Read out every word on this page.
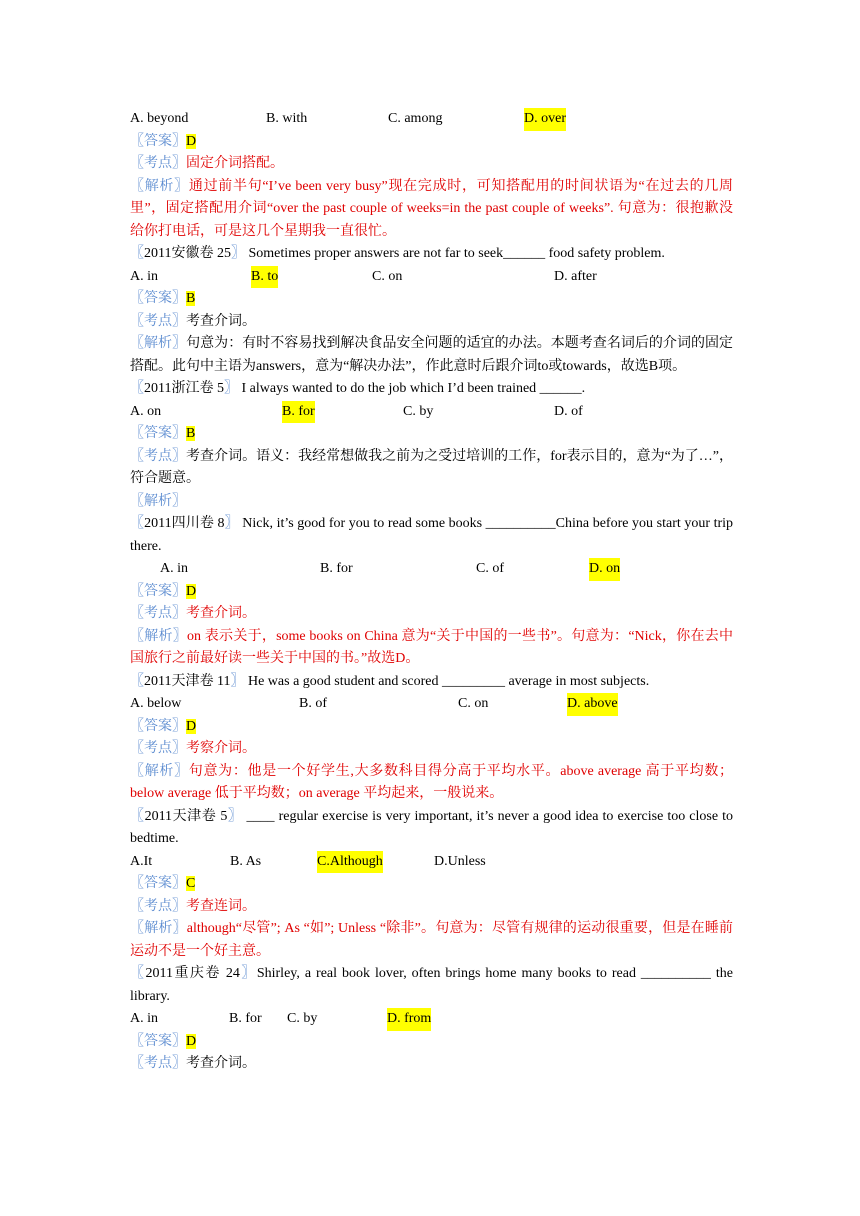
A. beyond	B. with	C. among	D. over
〖答案〗D
〖考点〗固定介词搭配。
〖解析〗通过前半句“I’ve been very busy”现在完成时，可知搭配用的时间状语为“在过去的几周里”，固定搭配用介词“over the past couple of weeks=in the past couple of weeks”. 句意为：很抱歉没给你打电话，可是这几个星期我一直很忙。
〖2011安徽卷 25〗 Sometimes proper answers are not far to seek______ food safety problem.
A. in	B. to	C. on	D. after
〖答案〗B
〖考点〗考查介词。
〖解析〗句意为：有时不容易找到解决食品安全问题的适宜的办法。本题考查名词后的介词的固定搭配。此句中主语为answers，意为“解决办法”，作此意时后跟介词to或towards，故选B项。
〖2011浙江卷 5〗 I always wanted to do the job which I’d been trained ______.
A. on	B. for	C. by	D. of
〖答案〗B
〖考点〗考查介词。语义：我经常想做我之前为之受过培训的工作，for表示目的，意为“为了…”，符合题意。
〖解析〗
〖2011四川卷 8〗 Nick, it’s good for you to read some books __________China before you start your trip there.
A. in	B. for	C. of	D. on
〖答案〗D
〖考点〗考查介词。
〖解析〗on 表示关于，some books on China 意为“关于中国的一些书”。句意为：“Nick，你在去中国旅行之前最好读一些关于中国的书。”故选D。
〖2011天津卷 11〗 He was a good student and scored _________ average in most subjects.
A. below	B. of	C. on	D. above
〖答案〗D
〖考点〗考察介词。
〖解析〗句意为：他是一个好学生,大多数科目得分高于平均水平。above average 高于平均数；below average 低于平均数；on average 平均起来，一般说来。
〖2011天津卷 5〗 ____ regular exercise is very important, it’s never a good idea to exercise too close to bedtime.
A.It	B. As	C.Although	D.Unless
〖答案〗C
〖考点〗考查连词。
〖解析〗although“尽管”; As “如”; Unless “除非”。句意为：尽管有规律的运动很重要，但是在睡前运动不是一个好主意。
〖2011重庆卷 24〗Shirley, a real book lover, often brings home many books to read __________ the library.
A. in	B. for C. by	D. from
〖答案〗D
〖考点〗考查介词。
